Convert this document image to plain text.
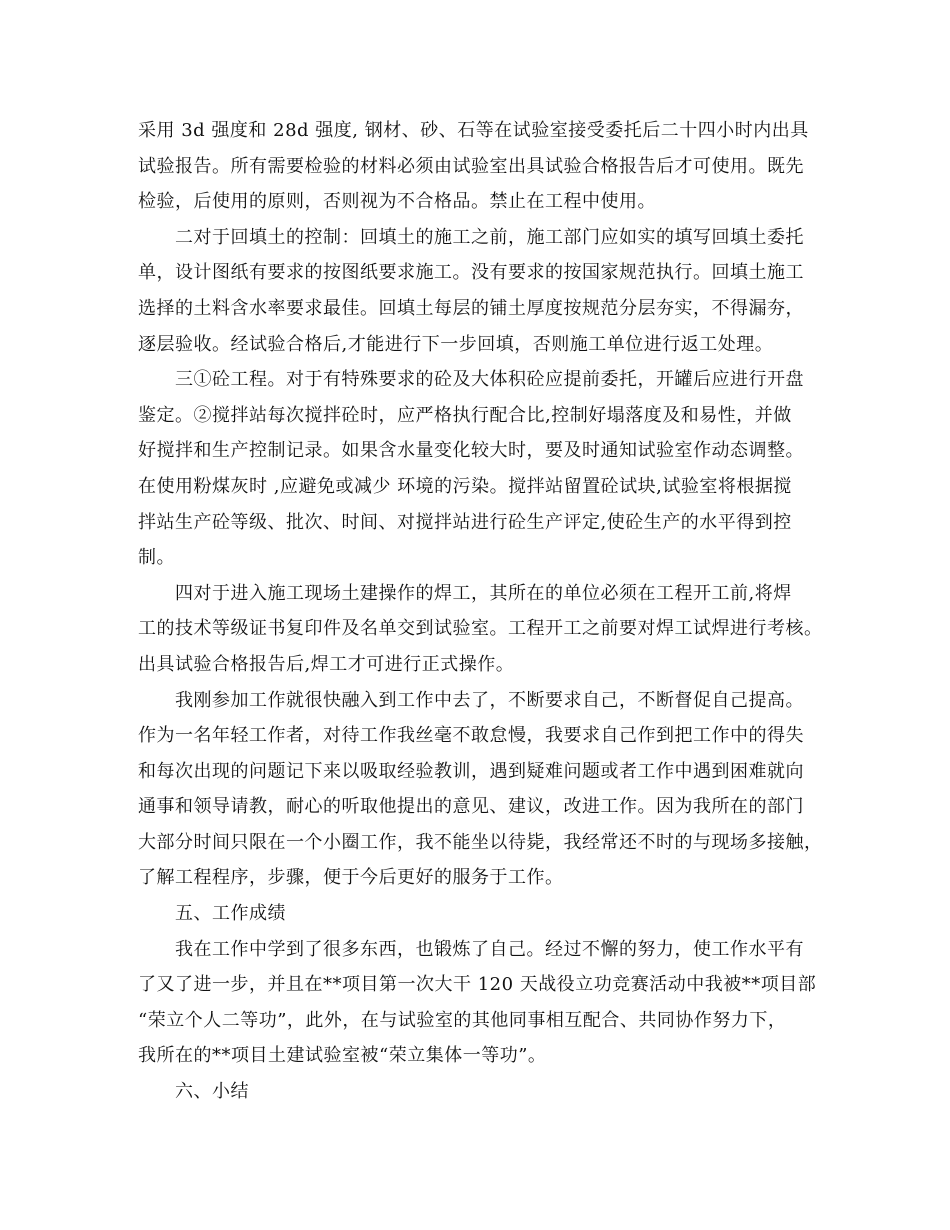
采用 3d 强度和 28d 强度, 钢材、砂、石等在试验室接受委托后二十四小时内出具
试验报告。所有需要检验的材料必须由试验室出具试验合格报告后才可使用。既先
检验，后使用的原则，否则视为不合格品。禁止在工程中使用。
二对于回填土的控制：回填土的施工之前，施工部门应如实的填写回填土委托
单，设计图纸有要求的按图纸要求施工。没有要求的按国家规范执行。回填土施工
选择的土料含水率要求最佳。回填土每层的铺土厚度按规范分层夯实，不得漏夯，
逐层验收。经试验合格后,才能进行下一步回填，否则施工单位进行返工处理。
三①砼工程。对于有特殊要求的砼及大体积砼应提前委托，开罐后应进行开盘
鉴定。②搅拌站每次搅拌砼时，应严格执行配合比,控制好塌落度及和易性，并做
好搅拌和生产控制记录。如果含水量变化较大时，要及时通知试验室作动态调整。
在使用粉煤灰时 ,应避免或减少 环境的污染。搅拌站留置砼试块,试验室将根据搅
拌站生产砼等级、批次、时间、对搅拌站进行砼生产评定,使砼生产的水平得到控
制。
四对于进入施工现场土建操作的焊工，其所在的单位必须在工程开工前,将焊
工的技术等级证书复印件及名单交到试验室。工程开工之前要对焊工试焊进行考核。
出具试验合格报告后,焊工才可进行正式操作。
我刚参加工作就很快融入到工作中去了，不断要求自己，不断督促自己提高。
作为一名年轻工作者，对待工作我丝毫不敢怠慢，我要求自己作到把工作中的得失
和每次出现的问题记下来以吸取经验教训，遇到疑难问题或者工作中遇到困难就向
通事和领导请教，耐心的听取他提出的意见、建议，改进工作。因为我所在的部门
大部分时间只限在一个小圈工作，我不能坐以待毙，我经常还不时的与现场多接触，
了解工程程序，步骤，便于今后更好的服务于工作。
五、工作成绩
我在工作中学到了很多东西，也锻炼了自己。经过不懈的努力，使工作水平有
了又了进一步，并且在**项目第一次大干 120 天战役立功竞赛活动中我被**项目部
“荣立个人二等功”，此外，在与试验室的其他同事相互配合、共同协作努力下，
我所在的**项目土建试验室被“荣立集体一等功”。
六、小结
